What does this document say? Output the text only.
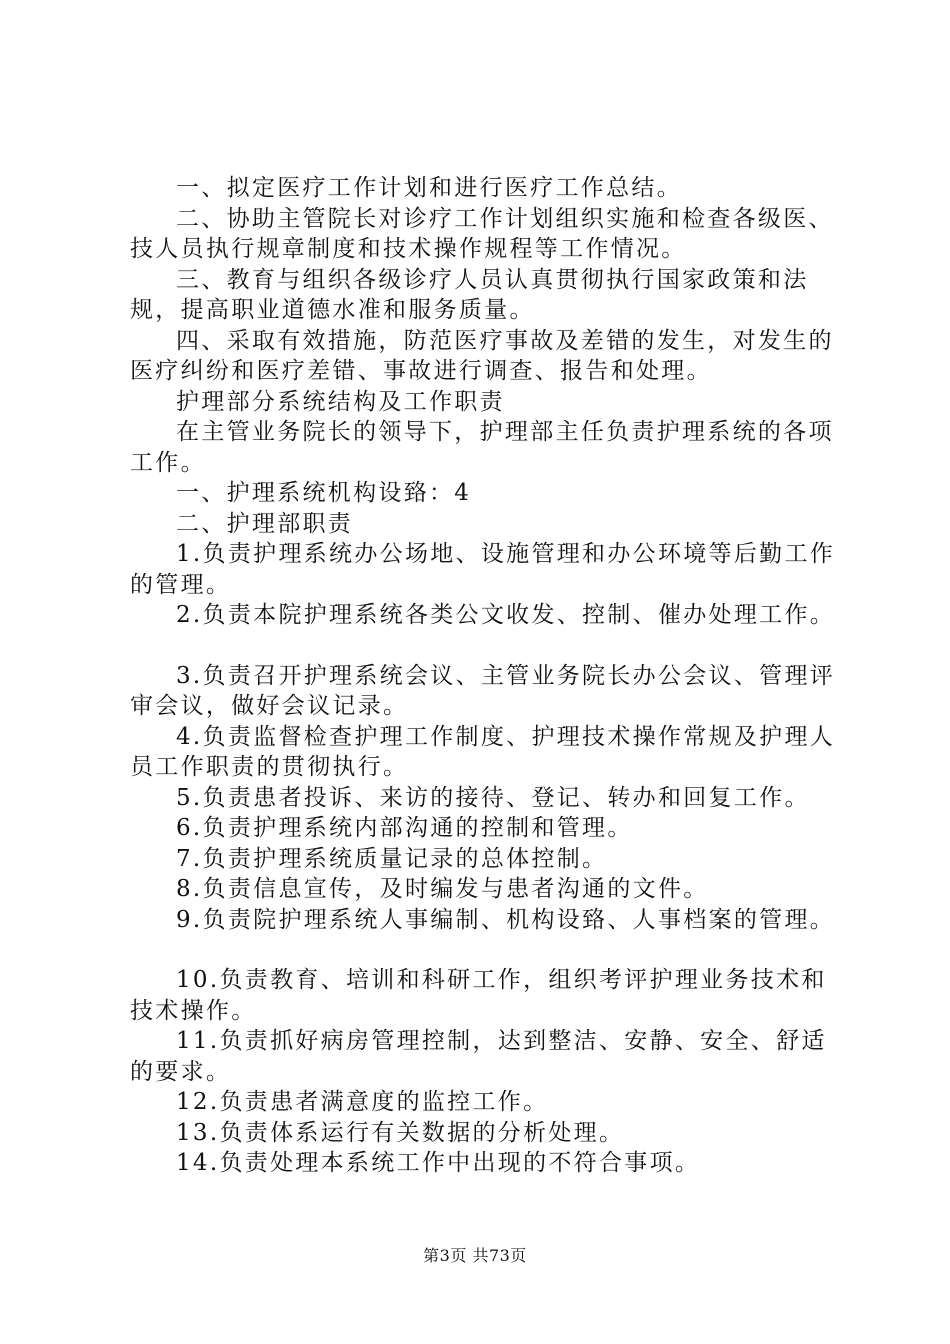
一、拟定医疗工作计划和进行医疗工作总结。

二、协助主管院长对诊疗工作计划组织实施和检查各级医、技人员执行规章制度和技术操作规程等工作情况。

三、教育与组织各级诊疗人员认真贯彻执行国家政策和法规，提高职业道德水准和服务质量。

四、采取有效措施，防范医疗事故及差错的发生，对发生的医疗纠纷和医疗差错、事故进行调查、报告和处理。

护理部分系统结构及工作职责

在主管业务院长的领导下，护理部主任负责护理系统的各项工作。

一、护理系统机构设臵：4

二、护理部职责

1.负责护理系统办公场地、设施管理和办公环境等后勤工作的管理。

2.负责本院护理系统各类公文收发、控制、催办处理工作。

3.负责召开护理系统会议、主管业务院长办公会议、管理评审会议，做好会议记录。

4.负责监督检查护理工作制度、护理技术操作常规及护理人员工作职责的贯彻执行。

5.负责患者投诉、来访的接待、登记、转办和回复工作。

6.负责护理系统内部沟通的控制和管理。

7.负责护理系统质量记录的总体控制。

8.负责信息宣传，及时编发与患者沟通的文件。

9.负责院护理系统人事编制、机构设臵、人事档案的管理。

10.负责教育、培训和科研工作，组织考评护理业务技术和技术操作。

11.负责抓好病房管理控制，达到整洁、安静、安全、舒适的要求。

12.负责患者满意度的监控工作。

13.负责体系运行有关数据的分析处理。

14.负责处理本系统工作中出现的不符合事项。

第3页 共73页
